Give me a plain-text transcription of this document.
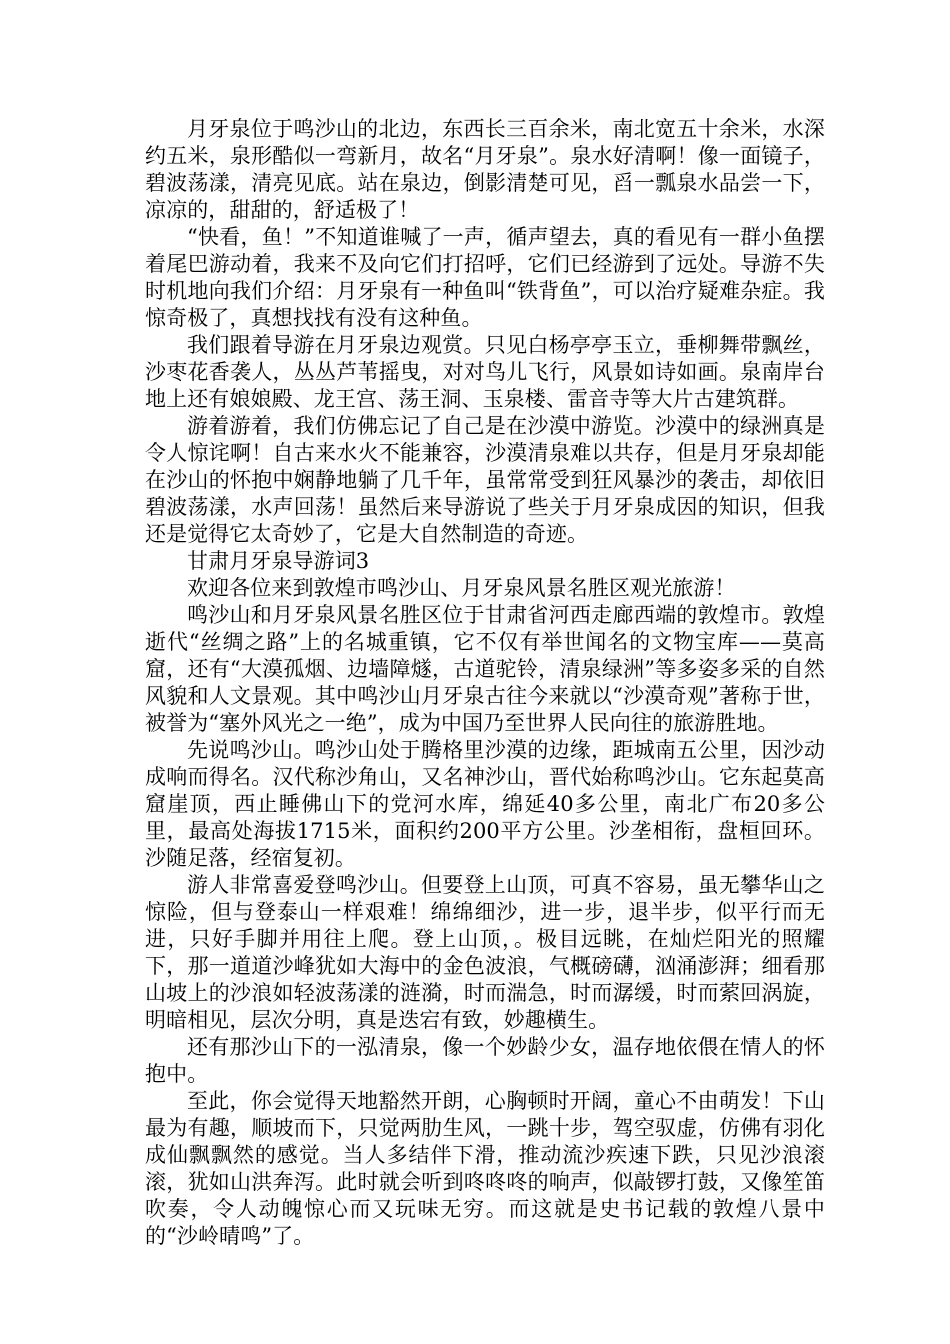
月牙泉位于鸣沙山的北边，东西长三百余米，南北宽五十余米，水深约五米，泉形酷似一弯新月，故名“月牙泉”。泉水好清啊！像一面镜子，碧波荡漾，清亮见底。站在泉边，倒影清楚可见，舀一瓢泉水品尝一下，凉凉的，甜甜的，舒适极了！

“快看，鱼！”不知道谁喊了一声，循声望去，真的看见有一群小鱼摆着尾巴游动着，我来不及向它们打招呼，它们已经游到了远处。导游不失时机地向我们介绍：月牙泉有一种鱼叫“铁背鱼”，可以治疗疑难杂症。我惊奇极了，真想找找有没有这种鱼。

我们跟着导游在月牙泉边观赏。只见白杨亭亭玉立，垂柳舞带飘丝，沙枣花香袭人，丛丛芦苇摇曳，对对鸟儿飞行，风景如诗如画。泉南岸台地上还有娘娘殿、龙王宫、荡王洞、玉泉楼、雷音寺等大片古建筑群。

游着游着，我们仿佛忘记了自己是在沙漠中游览。沙漠中的绿洲真是令人惊诧啊！自古来水火不能兼容，沙漠清泉难以共存，但是月牙泉却能在沙山的怀抱中娴静地躺了几千年，虽常常受到狂风暴沙的袭击，却依旧碧波荡漾，水声回荡！虽然后来导游说了些关于月牙泉成因的知识，但我还是觉得它太奇妙了，它是大自然制造的奇迹。

甘肃月牙泉导游词3

欢迎各位来到敦煌市鸣沙山、月牙泉风景名胜区观光旅游！

鸣沙山和月牙泉风景名胜区位于甘肃省河西走廊西端的敦煌市。敦煌逝代“丝绸之路”上的名城重镇，它不仅有举世闻名的文物宝库——莫高窟，还有“大漠孤烟、边墙障燧，古道驼铃，清泉绿洲”等多姿多采的自然风貌和人文景观。其中鸣沙山月牙泉古往今来就以“沙漠奇观”著称于世，被誉为“塞外风光之一绝”，成为中国乃至世界人民向往的旅游胜地。

先说鸣沙山。鸣沙山处于腾格里沙漠的边缘，距城南五公里，因沙动成响而得名。汉代称沙角山，又名神沙山，晋代始称鸣沙山。它东起莫高窟崖顶，西止睡佛山下的党河水库，绵延40多公里，南北广布20多公里，最高处海拔1715米，面积约200平方公里。沙垄相衔，盘桓回环。沙随足落，经宿复初。

游人非常喜爱登鸣沙山。但要登上山顶，可真不容易，虽无攀华山之惊险，但与登泰山一样艰难！绵绵细沙，进一步，退半步，似平行而无进，只好手脚并用往上爬。登上山顶，。极目远眺，在灿烂阳光的照耀下，那一道道沙峰犹如大海中的金色波浪，气概磅礴，汹涌澎湃；细看那山坡上的沙浪如轻波荡漾的涟漪，时而湍急，时而潺缓，时而萦回涡旋，明暗相见，层次分明，真是迭宕有致，妙趣横生。

还有那沙山下的一泓清泉，像一个妙龄少女，温存地依偎在情人的怀抱中。

至此，你会觉得天地豁然开朗，心胸顿时开阔，童心不由萌发！下山最为有趣，顺坡而下，只觉两肋生风，一跳十步，驾空驭虚，仿佛有羽化成仙飘飘然的感觉。当人多结伴下滑，推动流沙疾速下跌，只见沙浪滚滚，犹如山洪奔泻。此时就会听到咚咚咚的响声，似敲锣打鼓，又像笙笛吹奏，令人动魄惊心而又玩味无穷。而这就是史书记载的敦煌八景中的“沙岭晴鸣”了。
